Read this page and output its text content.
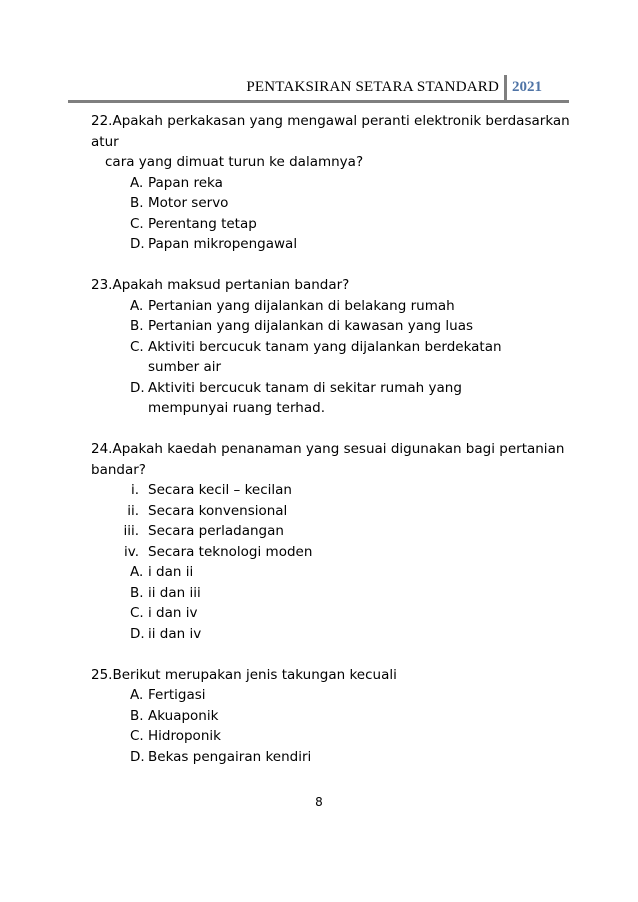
PENTAKSIRAN SETARA STANDARD 2021
22.Apakah perkakasan yang mengawal peranti elektronik berdasarkan atur
cara yang dimuat turun ke dalamnya?
A. Papan reka
B. Motor servo
C. Perentang tetap
D. Papan mikropengawal
23.Apakah maksud pertanian bandar?
A. Pertanian yang dijalankan di belakang rumah
B. Pertanian yang dijalankan di kawasan yang luas
C. Aktiviti bercucuk tanam yang dijalankan berdekatan sumber air
D. Aktiviti bercucuk tanam di sekitar rumah yang mempunyai ruang terhad.
24.Apakah kaedah penanaman yang sesuai digunakan bagi pertanian bandar?
i. Secara kecil – kecilan
ii. Secara konvensional
iii. Secara perladangan
iv. Secara teknologi moden
A. i dan ii
B. ii dan iii
C. i dan iv
D. ii dan iv
25.Berikut merupakan jenis takungan kecuali
A. Fertigasi
B. Akuaponik
C. Hidroponik
D. Bekas pengairan kendiri
8
